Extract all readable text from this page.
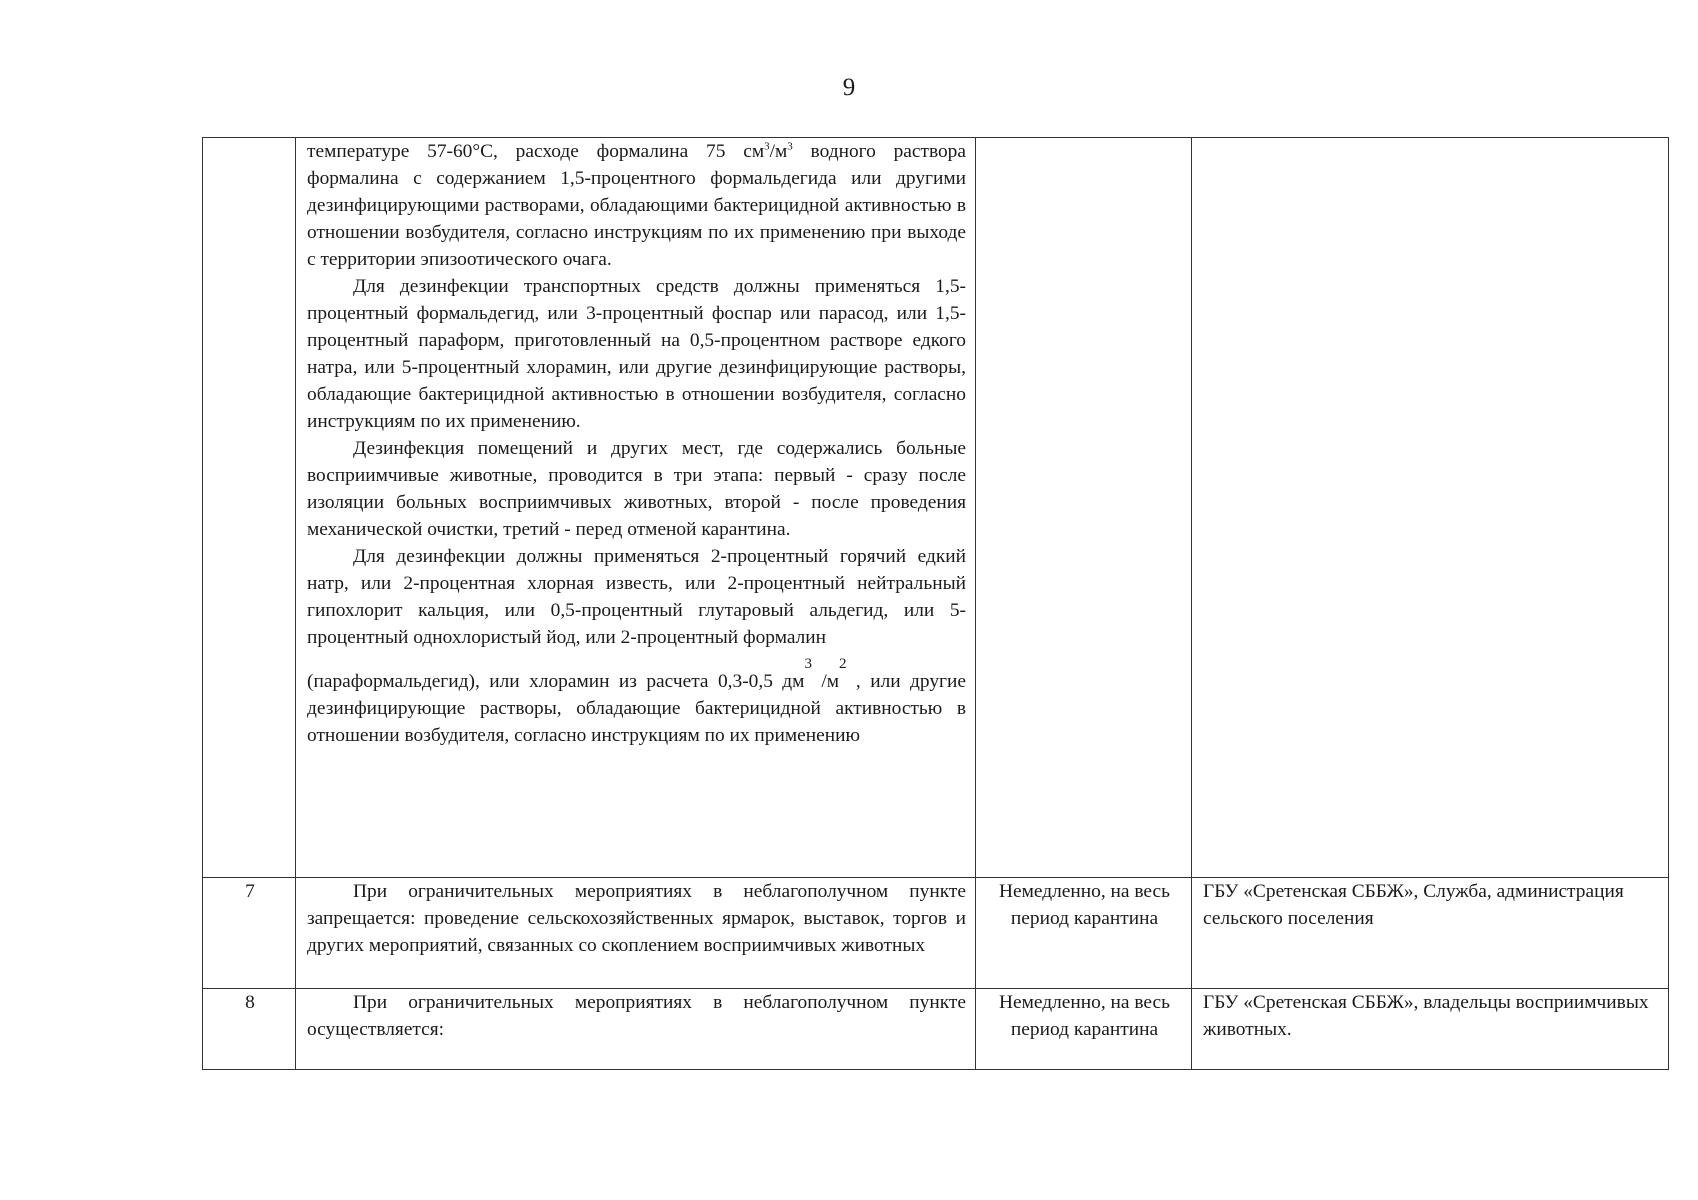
9

	температуре 57-60°С, расходе формалина 75 $см^3/м^3$ водного раствора формалина с содержанием 1,5-процентного формальдегида или другими дезинфицирующими растворами, обладающими бактерицидной активностью в отношении возбудителя, согласно инструкциям по их применению при выходе с территории эпизоотического очага.

Для дезинфекции транспортных средств должны применяться 1,5-процентный формальдегид, или 3-процентный фоспар или парасод, или 1,5-процентный параформ, приготовленный на 0,5-процентном растворе едкого натра, или 5-процентный хлорамин, или другие дезинфицирующие растворы, обладающие бактерицидной активностью в отношении возбудителя, согласно инструкциям по их применению.

Дезинфекция помещений и других мест, где содержались больные восприимчивые животные, проводится в три этапа: первый - сразу после изоляции больных восприимчивых животных, второй - после проведения механической очистки, третий - перед отменой карантина.

Для дезинфекции должны применяться 2-процентный горячий едкий натр, или 2-процентная хлорная известь, или 2-процентный нейтральный гипохлорит кальция, или 0,5-процентный глутаровый альдегид, или 5-процентный однохлористый йод, или 2-процентный формалин

(параформальдегид), или хлорамин из расчета 0,3-0,5 $дм^3$ $/м^2$ , или другие дезинфицирующие растворы, обладающие бактерицидной активностью в отношении возбудителя, согласно инструкциям по их применению		

7	При ограничительных мероприятиях в неблагополучном пункте запрещается: проведение сельскохозяйственных ярмарок, выставок, торгов и других мероприятий, связанных со скоплением восприимчивых животных	Немедленно, на весь период карантина	ГБУ «Сретенская СББЖ», Служба, администрация сельского поселения
8	При ограничительных мероприятиях в неблагополучном пункте осуществляется:	Немедленно, на весь период карантина	ГБУ «Сретенская СББЖ», владельцы восприимчивых животных.
